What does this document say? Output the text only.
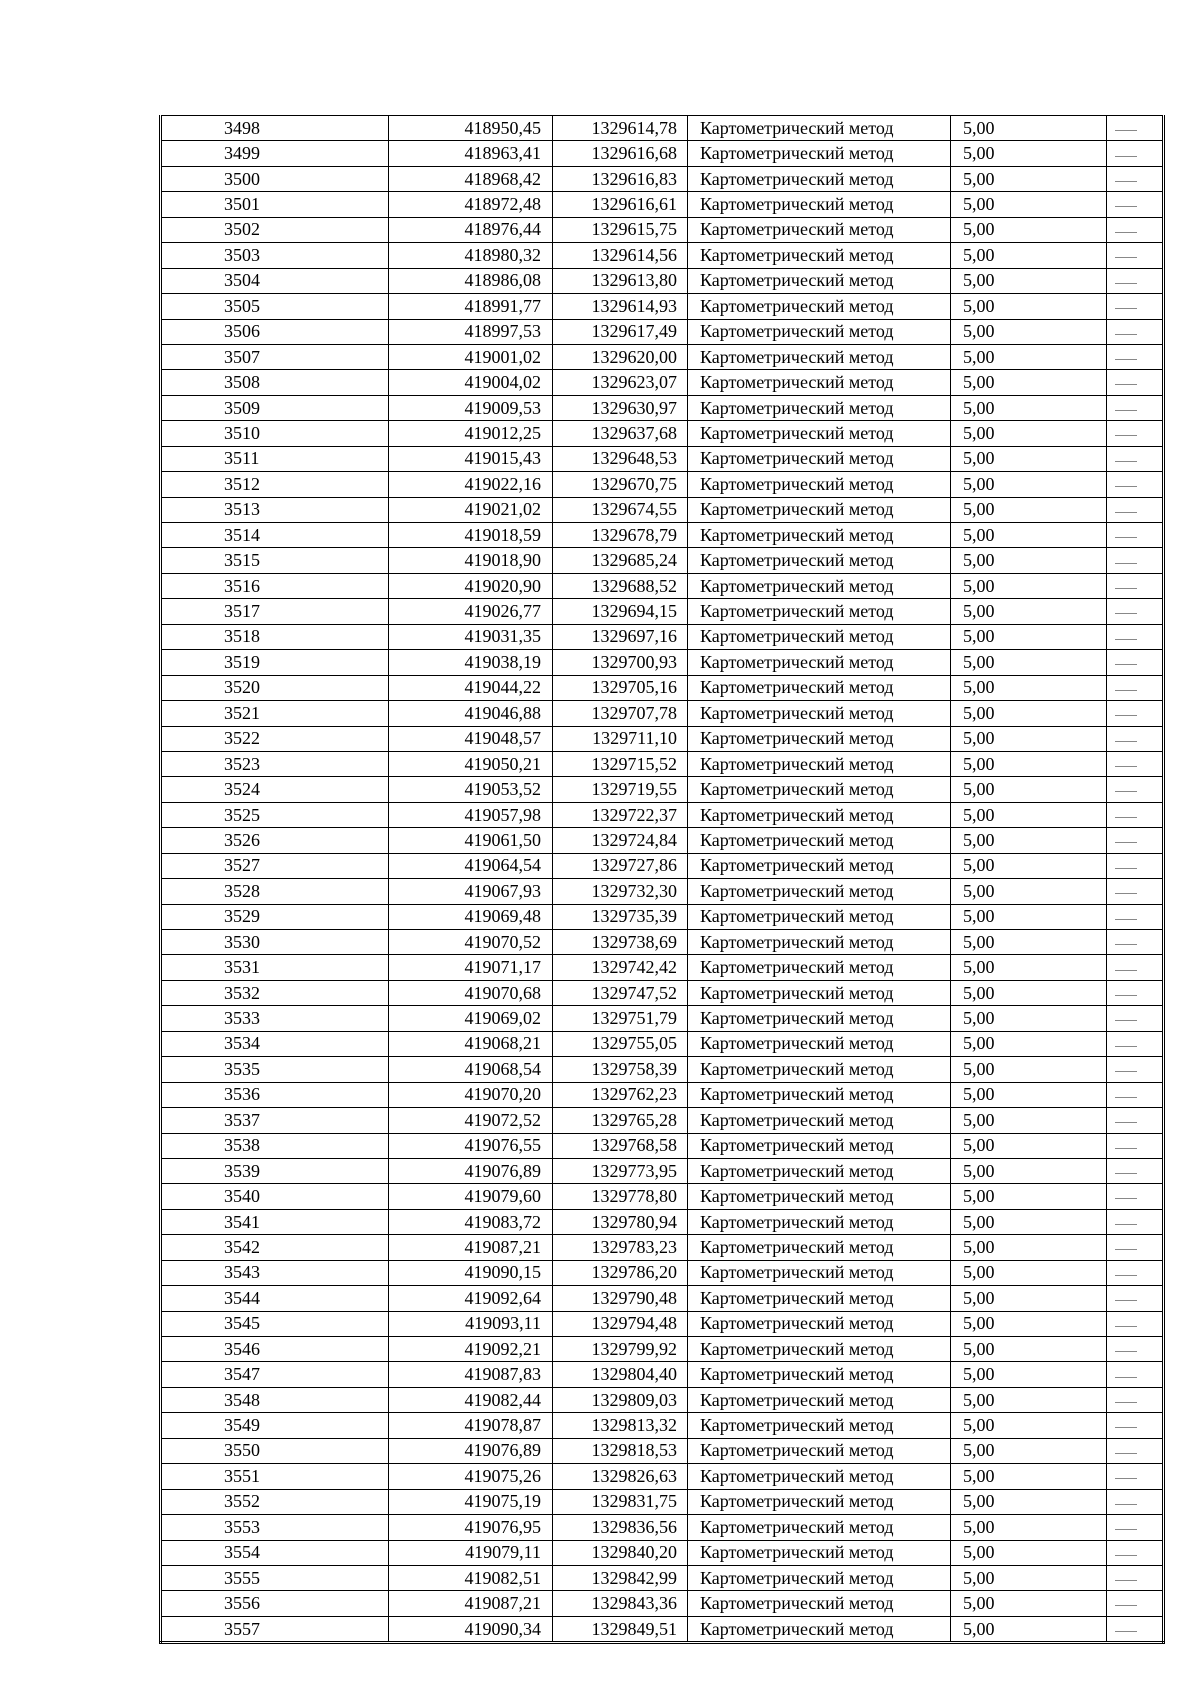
3498	418950,45	1329614,78	Картометрический метод	5,00	
3499	418963,41	1329616,68	Картометрический метод	5,00	
3500	418968,42	1329616,83	Картометрический метод	5,00	
3501	418972,48	1329616,61	Картометрический метод	5,00	
3502	418976,44	1329615,75	Картометрический метод	5,00	
3503	418980,32	1329614,56	Картометрический метод	5,00	
3504	418986,08	1329613,80	Картометрический метод	5,00	
3505	418991,77	1329614,93	Картометрический метод	5,00	
3506	418997,53	1329617,49	Картометрический метод	5,00	
3507	419001,02	1329620,00	Картометрический метод	5,00	
3508	419004,02	1329623,07	Картометрический метод	5,00	
3509	419009,53	1329630,97	Картометрический метод	5,00	
3510	419012,25	1329637,68	Картометрический метод	5,00	
3511	419015,43	1329648,53	Картометрический метод	5,00	
3512	419022,16	1329670,75	Картометрический метод	5,00	
3513	419021,02	1329674,55	Картометрический метод	5,00	
3514	419018,59	1329678,79	Картометрический метод	5,00	
3515	419018,90	1329685,24	Картометрический метод	5,00	
3516	419020,90	1329688,52	Картометрический метод	5,00	
3517	419026,77	1329694,15	Картометрический метод	5,00	
3518	419031,35	1329697,16	Картометрический метод	5,00	
3519	419038,19	1329700,93	Картометрический метод	5,00	
3520	419044,22	1329705,16	Картометрический метод	5,00	
3521	419046,88	1329707,78	Картометрический метод	5,00	
3522	419048,57	1329711,10	Картометрический метод	5,00	
3523	419050,21	1329715,52	Картометрический метод	5,00	
3524	419053,52	1329719,55	Картометрический метод	5,00	
3525	419057,98	1329722,37	Картометрический метод	5,00	
3526	419061,50	1329724,84	Картометрический метод	5,00	
3527	419064,54	1329727,86	Картометрический метод	5,00	
3528	419067,93	1329732,30	Картометрический метод	5,00	
3529	419069,48	1329735,39	Картометрический метод	5,00	
3530	419070,52	1329738,69	Картометрический метод	5,00	
3531	419071,17	1329742,42	Картометрический метод	5,00	
3532	419070,68	1329747,52	Картометрический метод	5,00	
3533	419069,02	1329751,79	Картометрический метод	5,00	
3534	419068,21	1329755,05	Картометрический метод	5,00	
3535	419068,54	1329758,39	Картометрический метод	5,00	
3536	419070,20	1329762,23	Картометрический метод	5,00	
3537	419072,52	1329765,28	Картометрический метод	5,00	
3538	419076,55	1329768,58	Картометрический метод	5,00	
3539	419076,89	1329773,95	Картометрический метод	5,00	
3540	419079,60	1329778,80	Картометрический метод	5,00	
3541	419083,72	1329780,94	Картометрический метод	5,00	
3542	419087,21	1329783,23	Картометрический метод	5,00	
3543	419090,15	1329786,20	Картометрический метод	5,00	
3544	419092,64	1329790,48	Картометрический метод	5,00	
3545	419093,11	1329794,48	Картометрический метод	5,00	
3546	419092,21	1329799,92	Картометрический метод	5,00	
3547	419087,83	1329804,40	Картометрический метод	5,00	
3548	419082,44	1329809,03	Картометрический метод	5,00	
3549	419078,87	1329813,32	Картометрический метод	5,00	
3550	419076,89	1329818,53	Картометрический метод	5,00	
3551	419075,26	1329826,63	Картометрический метод	5,00	
3552	419075,19	1329831,75	Картометрический метод	5,00	
3553	419076,95	1329836,56	Картометрический метод	5,00	
3554	419079,11	1329840,20	Картометрический метод	5,00	
3555	419082,51	1329842,99	Картометрический метод	5,00	
3556	419087,21	1329843,36	Картометрический метод	5,00	
3557	419090,34	1329849,51	Картометрический метод	5,00	
